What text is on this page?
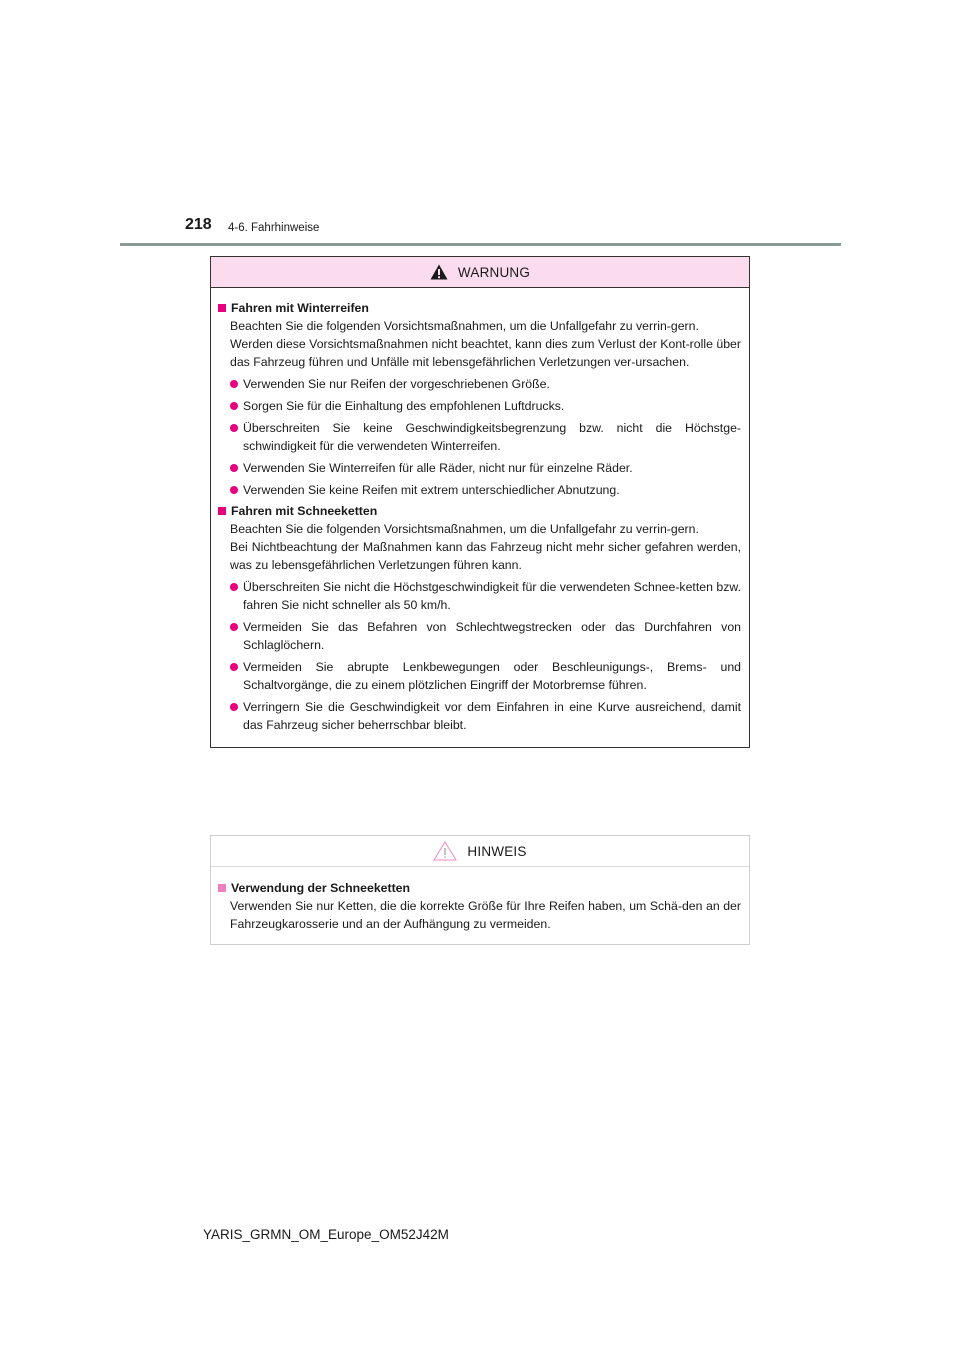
218 4-6. Fahrhinweise
WARNUNG
Fahren mit Winterreifen
Beachten Sie die folgenden Vorsichtsmaßnahmen, um die Unfallgefahr zu verrin-gern.
Werden diese Vorsichtsmaßnahmen nicht beachtet, kann dies zum Verlust der Kont-rolle über das Fahrzeug führen und Unfälle mit lebensgefährlichen Verletzungen ver-ursachen.
Verwenden Sie nur Reifen der vorgeschriebenen Größe.
Sorgen Sie für die Einhaltung des empfohlenen Luftdrucks.
Überschreiten Sie keine Geschwindigkeitsbegrenzung bzw. nicht die Höchstge-schwindigkeit für die verwendeten Winterreifen.
Verwenden Sie Winterreifen für alle Räder, nicht nur für einzelne Räder.
Verwenden Sie keine Reifen mit extrem unterschiedlicher Abnutzung.
Fahren mit Schneeketten
Beachten Sie die folgenden Vorsichtsmaßnahmen, um die Unfallgefahr zu verrin-gern.
Bei Nichtbeachtung der Maßnahmen kann das Fahrzeug nicht mehr sicher gefahren werden, was zu lebensgefährlichen Verletzungen führen kann.
Überschreiten Sie nicht die Höchstgeschwindigkeit für die verwendeten Schnee-ketten bzw. fahren Sie nicht schneller als 50 km/h.
Vermeiden Sie das Befahren von Schlechtwegstrecken oder das Durchfahren von Schlaglöchern.
Vermeiden Sie abrupte Lenkbewegungen oder Beschleunigungs-, Brems- und Schaltvorgänge, die zu einem plötzlichen Eingriff der Motorbremse führen.
Verringern Sie die Geschwindigkeit vor dem Einfahren in eine Kurve ausreichend, damit das Fahrzeug sicher beherrschbar bleibt.
HINWEIS
Verwendung der Schneeketten
Verwenden Sie nur Ketten, die die korrekte Größe für Ihre Reifen haben, um Schä-den an der Fahrzeugkarosserie und an der Aufhängung zu vermeiden.
YARIS_GRMN_OM_Europe_OM52J42M
